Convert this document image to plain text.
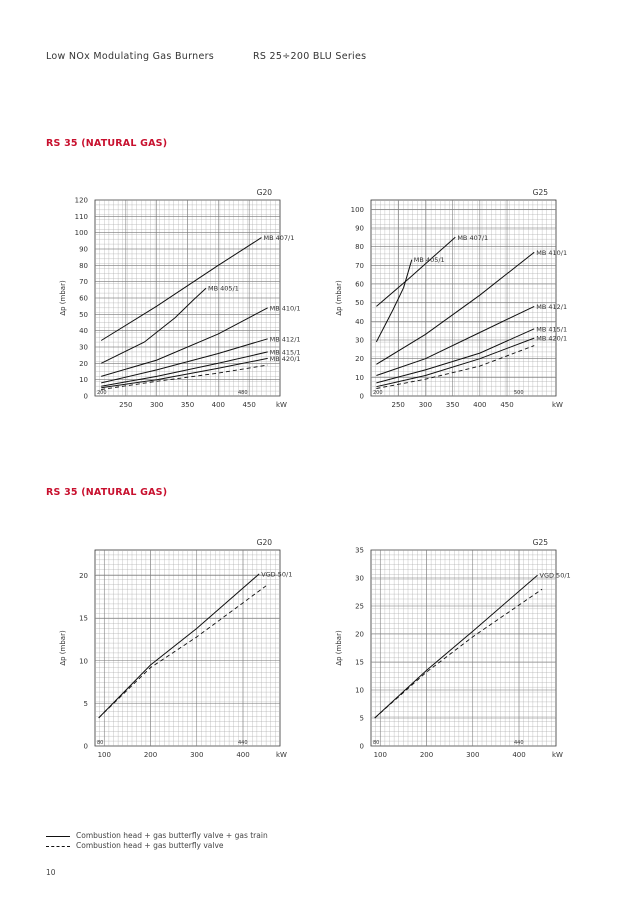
Low NOx Modulating Gas Burners	RS 25÷200 BLU Series
RS 35 (NATURAL GAS)
RS 35 (NATURAL GAS)
0
10
20
30
40
50
60
70
80
90
100
110
120
250 300 350 400 450	kW
Δp (mbar)
G20
200	480
MB 407/1
MB 405/1
MB 410/1
MB 412/1
MB 415/1
MB 420/1
0
10
20
30
40
50
60
70
80
90
100
250 300 350 400 450	kW
Δp (mbar)
G25
200	500
MB 407/1
MB 405/1
MB 410/1
MB 412/1
MB 415/1
MB 420/1
0
5
10
15
20
100	200	300	400	kW
Δp (mbar)
G20
80	440
VGD 50/1
0
5
10
15
20
25
30
35
100	200	300	400	kW
Δp (mbar)
G25
80	440
VGD 50/1
Combustion head + gas butterfly valve + gas train
Combustion head + gas butterfly valve
10
